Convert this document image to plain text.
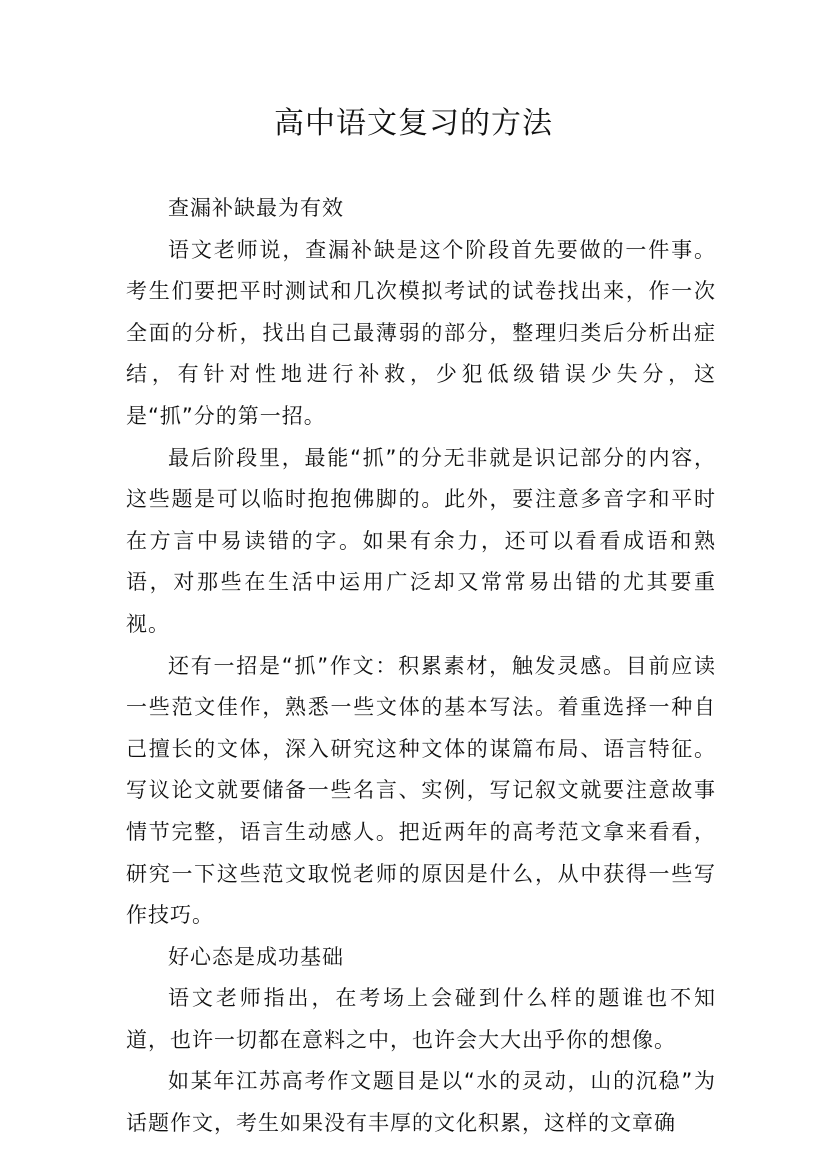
高中语文复习的方法

查漏补缺最为有效

语文老师说，查漏补缺是这个阶段首先要做的一件事。考生们要把平时测试和几次模拟考试的试卷找出来，作一次全面的分析，找出自己最薄弱的部分，整理归类后分析出症结，有针对性地进行补救，少犯低级错误少失分，这是“抓”分的第一招。

最后阶段里，最能“抓”的分无非就是识记部分的内容，这些题是可以临时抱抱佛脚的。此外，要注意多音字和平时在方言中易读错的字。如果有余力，还可以看看成语和熟语，对那些在生活中运用广泛却又常常易出错的尤其要重视。

还有一招是“抓”作文：积累素材，触发灵感。目前应读一些范文佳作，熟悉一些文体的基本写法。着重选择一种自己擅长的文体，深入研究这种文体的谋篇布局、语言特征。写议论文就要储备一些名言、实例，写记叙文就要注意故事情节完整，语言生动感人。把近两年的高考范文拿来看看，研究一下这些范文取悦老师的原因是什么，从中获得一些写作技巧。

好心态是成功基础

语文老师指出，在考场上会碰到什么样的题谁也不知道，也许一切都在意料之中，也许会大大出乎你的想像。

如某年江苏高考作文题目是以“水的灵动，山的沉稳”为话题作文，考生如果没有丰厚的文化积累，这样的文章确
